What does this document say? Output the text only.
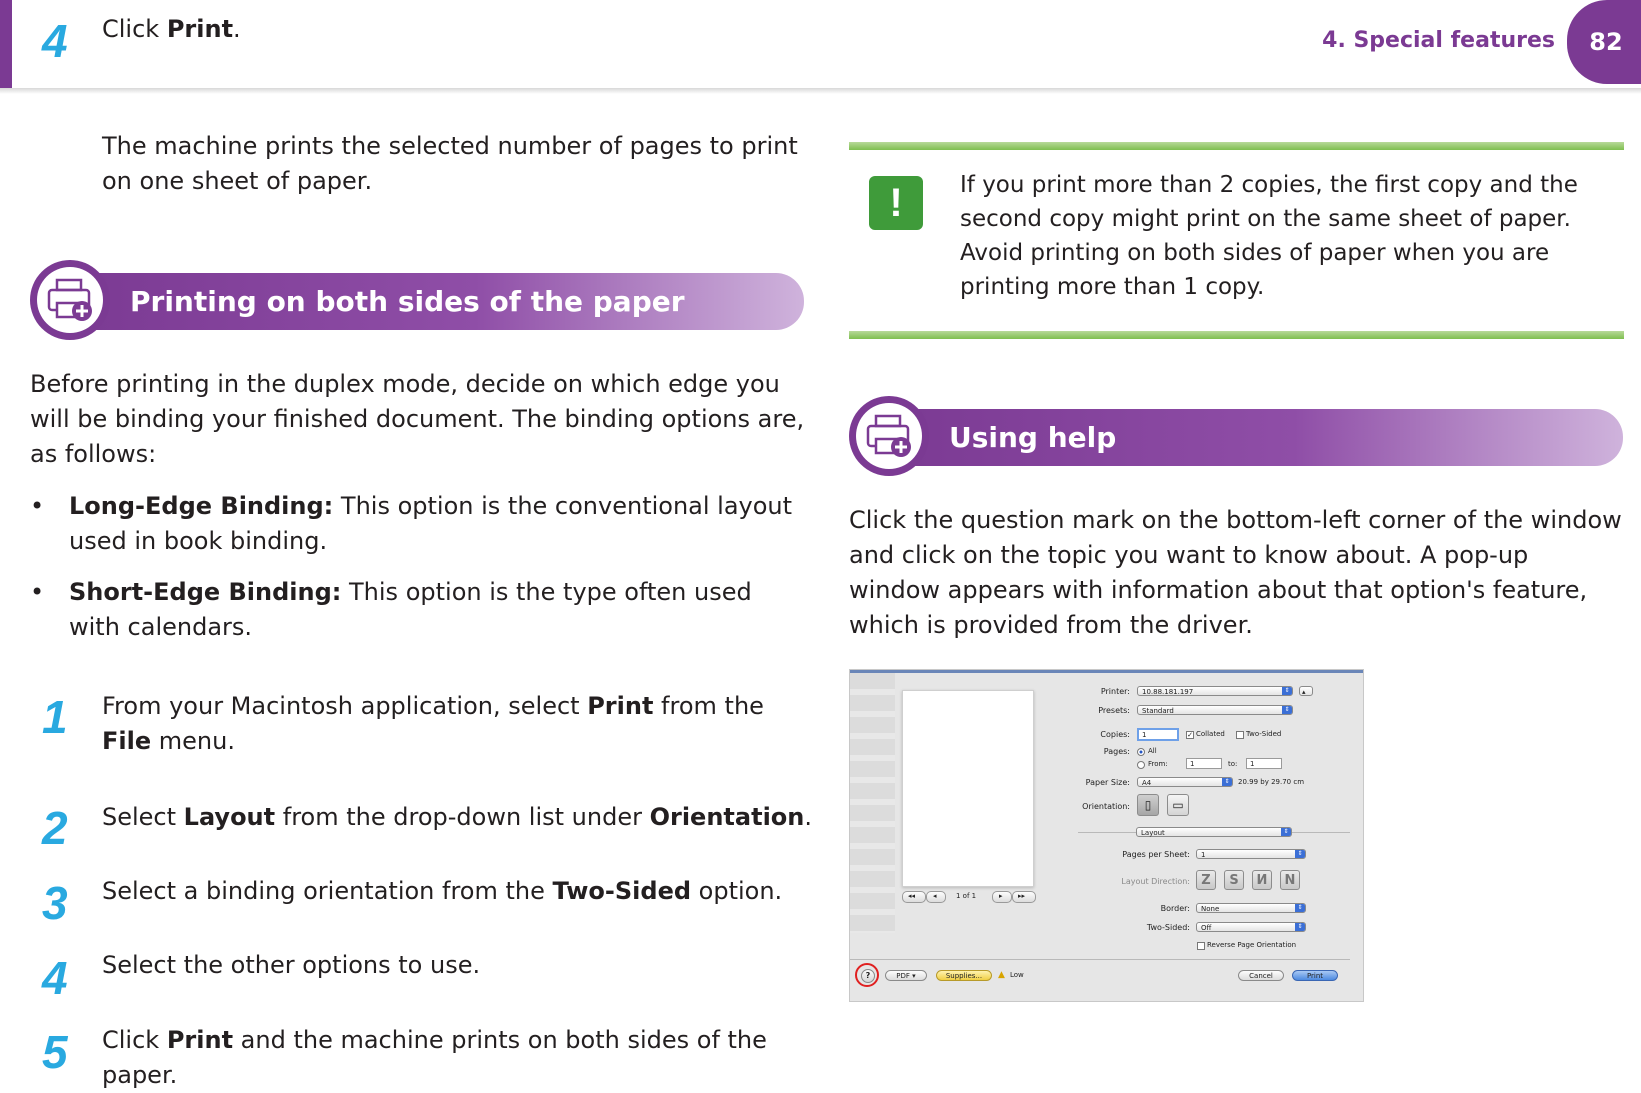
4 Click Print.	4. Special features	82
The machine prints the selected number of pages to print on one sheet of paper.
Printing on both sides of the paper
Before printing in the duplex mode, decide on which edge you will be binding your finished document. The binding options are, as follows:
• Long-Edge Binding: This option is the conventional layout used in book binding.
• Short-Edge Binding: This option is the type often used with calendars.
1 From your Macintosh application, select Print from the File menu.
2 Select Layout from the drop-down list under Orientation.
3 Select a binding orientation from the Two-Sided option.
4 Select the other options to use.
5 Click Print and the machine prints on both sides of the paper.
!	If you print more than 2 copies, the first copy and the second copy might print on the same sheet of paper. Avoid printing on both sides of paper when you are printing more than 1 copy.
Using help
Click the question mark on the bottom-left corner of the window and click on the topic you want to know about. A pop-up window appears with information about that option's feature, which is provided from the driver.
◂◂	◂	1 of 1	▸ ▸▸
Printer:	10.88.181.197	⇕	▴
Presets:	Standard	⇕
Copies:	1	✓ Collated	Two-Sided
Pages:	All
From:	1	to:	1
Paper Size:	A4	⇕	20.99 by 29.70 cm
Orientation: ▯ ▭
Layout	⇕
Pages per Sheet:	1	⇕
Layout Direction: Z	S	И	N
Border:	None	⇕
Two-Sided:	Off	⇕
Reverse Page Orientation
?	PDF ▾	Supplies...	▲ Low	Cancel	Print
